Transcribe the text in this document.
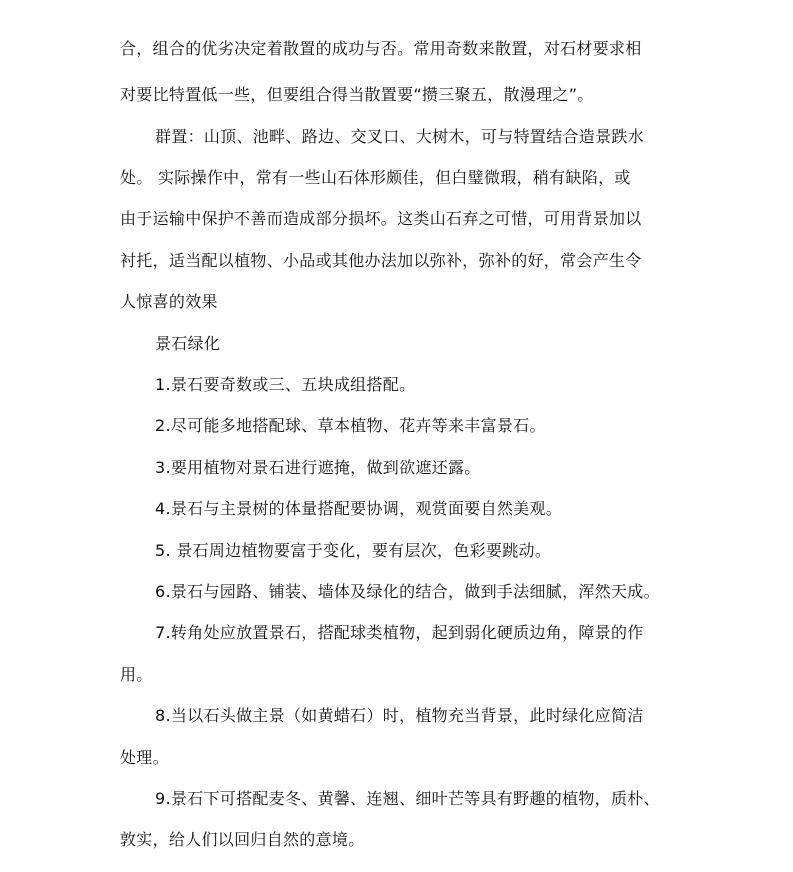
合，组合的优劣决定着散置的成功与否。常用奇数来散置，对石材要求相
对要比特置低一些，但要组合得当散置要“攒三聚五，散漫理之”。
群置：山顶、池畔、路边、交叉口、大树木，可与特置结合造景跌水
处。 实际操作中，常有一些山石体形颇佳，但白璧微瑕，稍有缺陷，或
由于运输中保护不善而造成部分损坏。这类山石弃之可惜，可用背景加以
衬托，适当配以植物、小品或其他办法加以弥补，弥补的好，常会产生令
人惊喜的效果
景石绿化
1.景石要奇数或三、五块成组搭配。
2.尽可能多地搭配球、草本植物、花卉等来丰富景石。
3.要用植物对景石进行遮掩，做到欲遮还露。
4.景石与主景树的体量搭配要协调，观赏面要自然美观。
5. 景石周边植物要富于变化，要有层次，色彩要跳动。
6.景石与园路、铺装、墙体及绿化的结合，做到手法细腻，浑然天成。
7.转角处应放置景石，搭配球类植物，起到弱化硬质边角，障景的作
用。
8.当以石头做主景（如黄蜡石）时，植物充当背景，此时绿化应简洁
处理。
9.景石下可搭配麦冬、黄馨、连翘、细叶芒等具有野趣的植物，质朴、
敦实，给人们以回归自然的意境。
